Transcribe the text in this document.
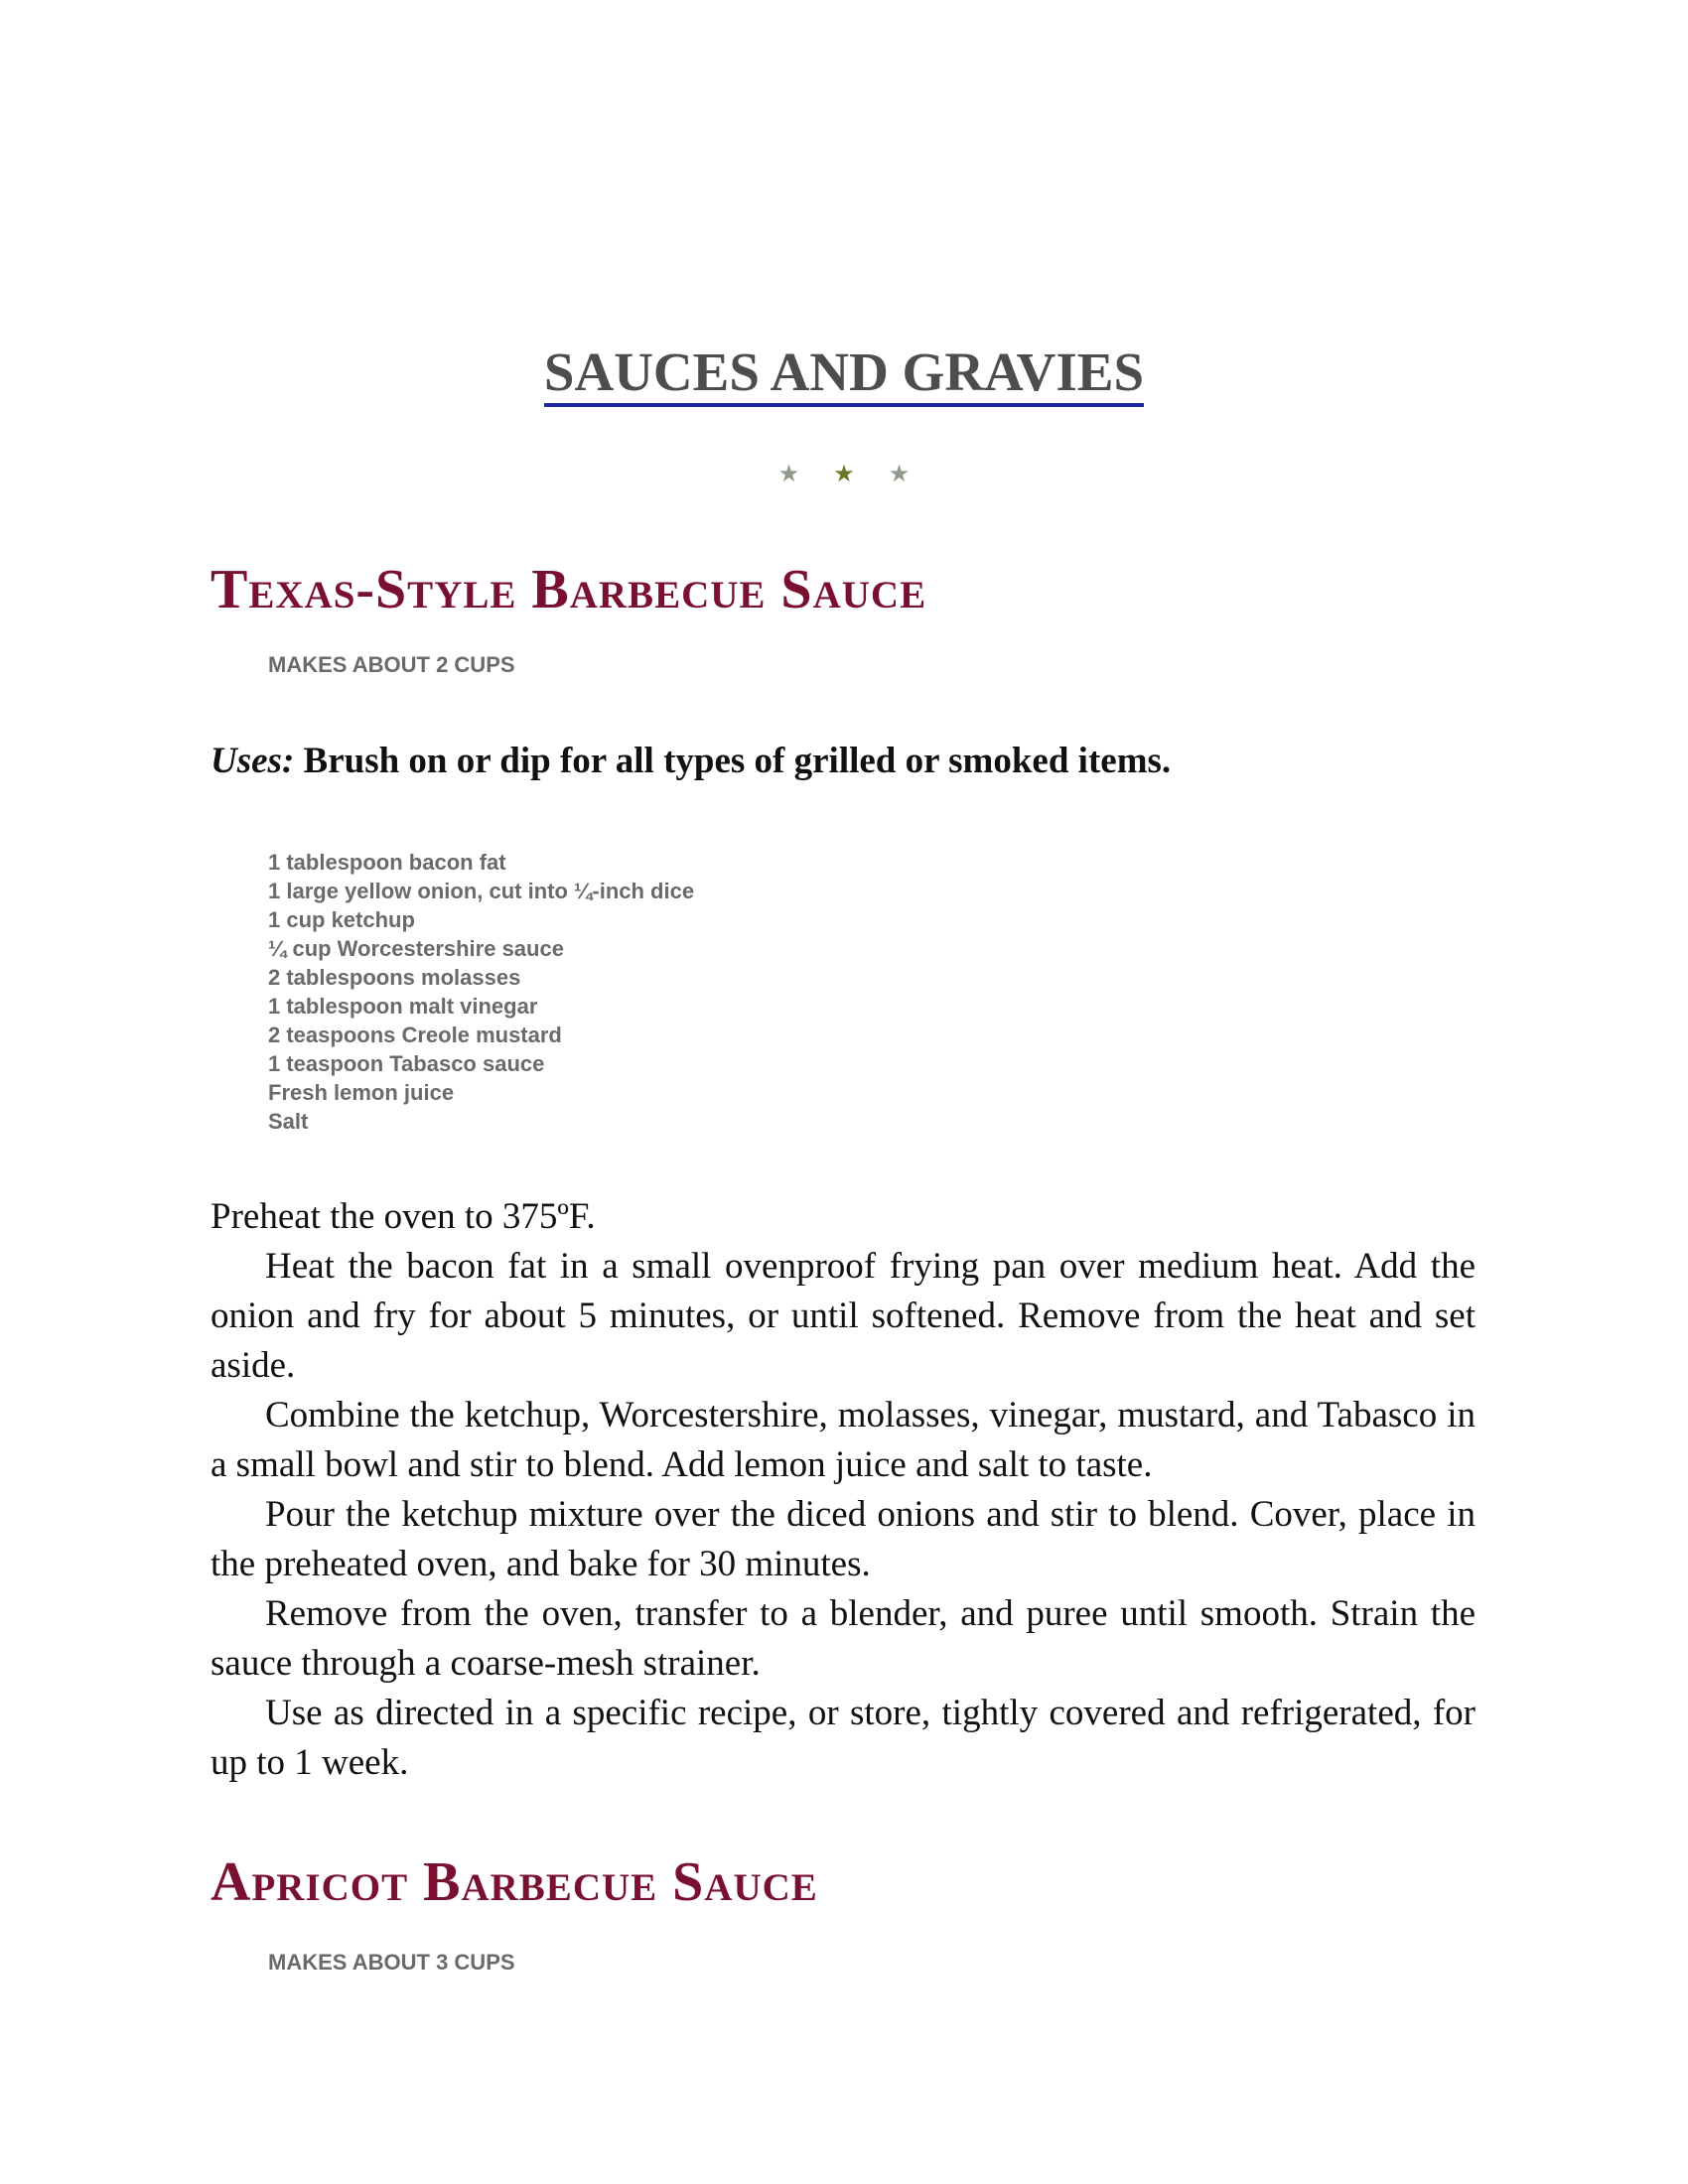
SAUCES AND GRAVIES
★ ★ ★
Texas-Style Barbecue Sauce

MAKES ABOUT 2 CUPS

Uses: Brush on or dip for all types of grilled or smoked items.

1 tablespoon bacon fat
1 large yellow onion, cut into ¼-inch dice
1 cup ketchup
¼ cup Worcestershire sauce
2 tablespoons molasses
1 tablespoon malt vinegar
2 teaspoons Creole mustard
1 teaspoon Tabasco sauce
Fresh lemon juice
Salt

Preheat the oven to 375ºF.

Heat the bacon fat in a small ovenproof frying pan over medium heat. Add the onion and fry for about 5 minutes, or until softened. Remove from the heat and set aside.

Combine the ketchup, Worcestershire, molasses, vinegar, mustard, and Tabasco in a small bowl and stir to blend. Add lemon juice and salt to taste.

Pour the ketchup mixture over the diced onions and stir to blend. Cover, place in the preheated oven, and bake for 30 minutes.

Remove from the oven, transfer to a blender, and puree until smooth. Strain the sauce through a coarse-mesh strainer.

Use as directed in a specific recipe, or store, tightly covered and refrigerated, for up to 1 week.

Apricot Barbecue Sauce

MAKES ABOUT 3 CUPS
